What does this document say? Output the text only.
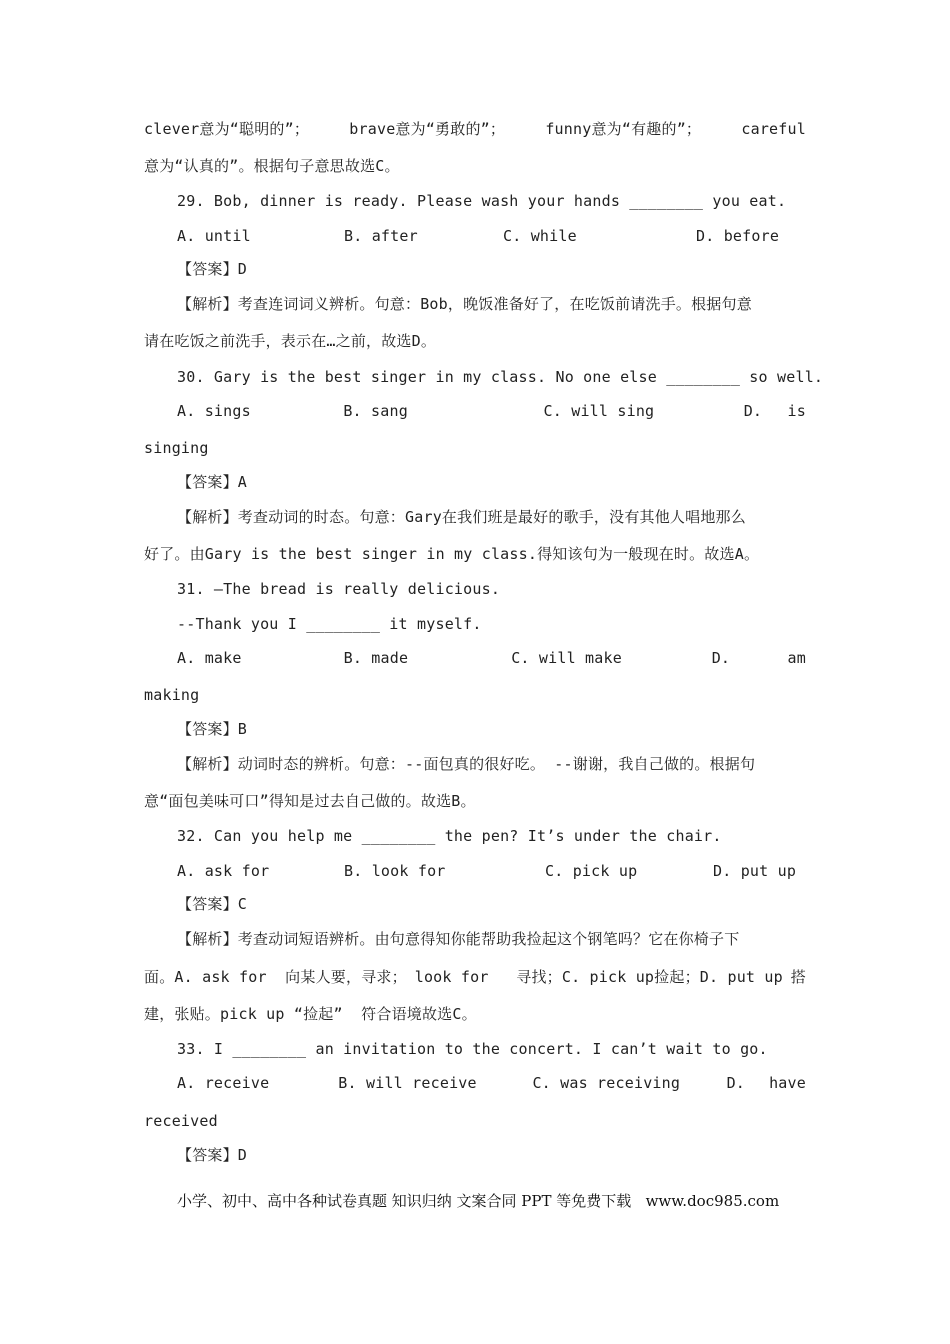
clever意为“聪明的”；	brave意为“勇敢的”；	funny意为“有趣的”；	careful
意为“认真的”。根据句子意思故选C。
29. Bob, dinner is ready. Please wash your hands ________ you eat.
A. until	B. after	C. while	D. before
【答案】D
【解析】考查连词词义辨析。句意：Bob，晚饭准备好了，在吃饭前请洗手。根据句意
请在吃饭之前洗手，表示在…之前，故选D。
30. Gary is the best singer in my class. No one else ________ so well.
A. sings	B. sang	C. will sing	D.	is
singing
【答案】A
【解析】考查动词的时态。句意：Gary在我们班是最好的歌手，没有其他人唱地那么
好了。由Gary is the best singer in my class.得知该句为一般现在时。故选A。
31. –The bread is really delicious.
--Thank you I ________ it myself.
A. make	B. made	C. will make	D.	am
making
【答案】B
【解析】动词时态的辨析。句意：--面包真的很好吃。 --谢谢，我自己做的。根据句
意“面包美味可口”得知是过去自己做的。故选B。
32. Can you help me ________ the pen? It’s under the chair.
A. ask for	B. look for	C. pick up	D. put up
【答案】C
【解析】考查动词短语辨析。由句意得知你能帮助我捡起这个钢笔吗？它在你椅子下
面。A. ask for  向某人要，寻求； look for   寻找；C. pick up捡起；D. put up 搭
建，张贴。pick up “捡起”  符合语境故选C。
33. I ________ an invitation to the concert. I can’t wait to go.
A. receive	B. will receive	C. was receiving	D.	have
received
【答案】D
小学、初中、高中各种试卷真题 知识归纳 文案合同 PPT 等免费下载   www.doc985.com
